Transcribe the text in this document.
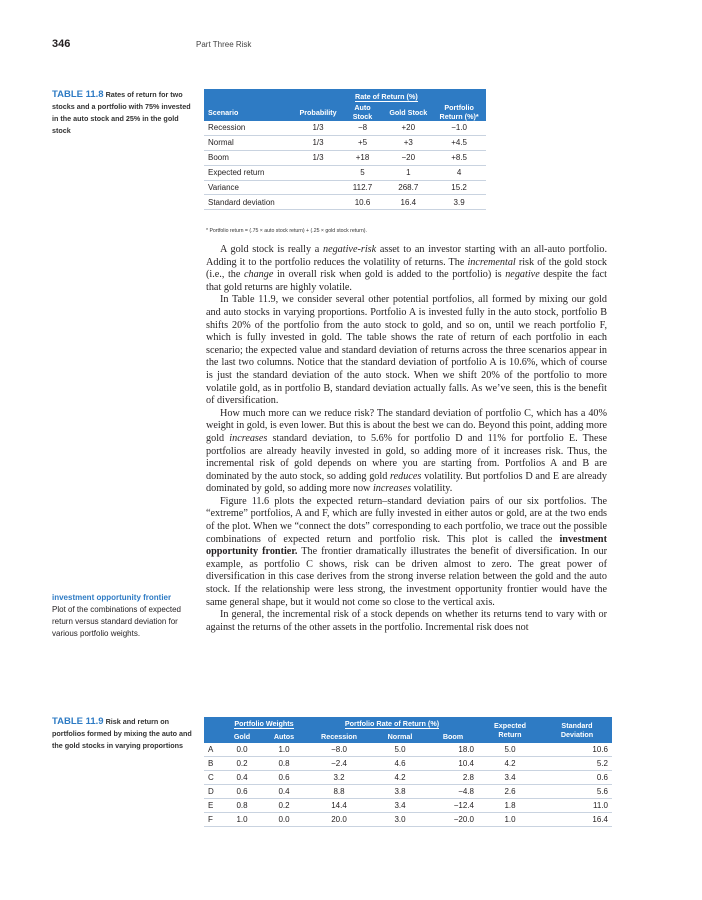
346	Part Three Risk
TABLE 11.8 Rates of return for two stocks and a portfolio with 75% invested in the auto stock and 25% in the gold stock
		Rate of Return (%)		
Scenario	Probability	Auto Stock	Gold Stock	Portfolio Return (%)*
Recession	1/3	−8	+20	−1.0
Normal	1/3	+5	+3	+4.5
Boom	1/3	+18	−20	+8.5
Expected return		5	1	4
Variance		112.7	268.7	15.2
Standard deviation		10.6	16.4	3.9
* Portfolio return = (.75 × auto stock return) + (.25 × gold stock return).

A gold stock is really a negative-risk asset to an investor starting with an all-auto portfolio. Adding it to the portfolio reduces the volatility of returns. The incremental risk of the gold stock (i.e., the change in overall risk when gold is added to the portfolio) is negative despite the fact that gold returns are highly volatile.

In Table 11.9, we consider several other potential portfolios, all formed by mixing our gold and auto stocks in varying proportions. Portfolio A is invested fully in the auto stock, portfolio B shifts 20% of the portfolio from the auto stock to gold, and so on, until we reach portfolio F, which is fully invested in gold. The table shows the rate of return of each portfolio in each scenario; the expected value and standard deviation of returns across the three scenarios appear in the last two columns. Notice that the standard deviation of portfolio A is 10.6%, which of course is just the standard deviation of the auto stock. When we shift 20% of the portfolio to more volatile gold, as in portfolio B, standard deviation actually falls. As we’ve seen, this is the benefit of diversification.

How much more can we reduce risk? The standard deviation of portfolio C, which has a 40% weight in gold, is even lower. But this is about the best we can do. Beyond this point, adding more gold increases standard deviation, to 5.6% for portfolio D and 11% for portfolio E. These portfolios are already heavily invested in gold, so adding more of it increases risk. Thus, the incremental risk of gold depends on where you are starting from. Portfolios A and B are dominated by the auto stock, so adding gold reduces volatility. But portfolios D and E are already dominated by gold, so adding more now increases volatility.

Figure 11.6 plots the expected return–standard deviation pairs of our six portfolios. The “extreme” portfolios, A and F, which are fully invested in either autos or gold, are at the two ends of the plot. When we “connect the dots” corresponding to each portfolio, we trace out the possible combinations of expected return and portfolio risk. This plot is called the investment opportunity frontier. The frontier dramatically illustrates the benefit of diversification. In our example, as portfolio C shows, risk can be driven almost to zero. The great power of diversification in this case derives from the strong inverse relation between the gold and the auto stock. If the relationship were less strong, the investment opportunity frontier would have the same general shape, but it would not come so close to the vertical axis.

In general, the incremental risk of a stock depends on whether its returns tend to vary with or against the returns of the other assets in the portfolio. Incremental risk does not

investment opportunity frontier
Plot of the combinations of expected return versus standard deviation for various portfolio weights.
TABLE 11.9 Risk and return on portfolios formed by mixing the auto and the gold stocks in varying proportions
	Portfolio Weights		Portfolio Rate of Return (%)			Expected Return	Standard Deviation
	Gold	Autos	Recession	Normal	Boom		
A	0.0	1.0	−8.0	5.0	18.0	5.0	10.6
B	0.2	0.8	−2.4	4.6	10.4	4.2	5.2
C	0.4	0.6	3.2	4.2	2.8	3.4	0.6
D	0.6	0.4	8.8	3.8	−4.8	2.6	5.6
E	0.8	0.2	14.4	3.4	−12.4	1.8	11.0
F	1.0	0.0	20.0	3.0	−20.0	1.0	16.4
